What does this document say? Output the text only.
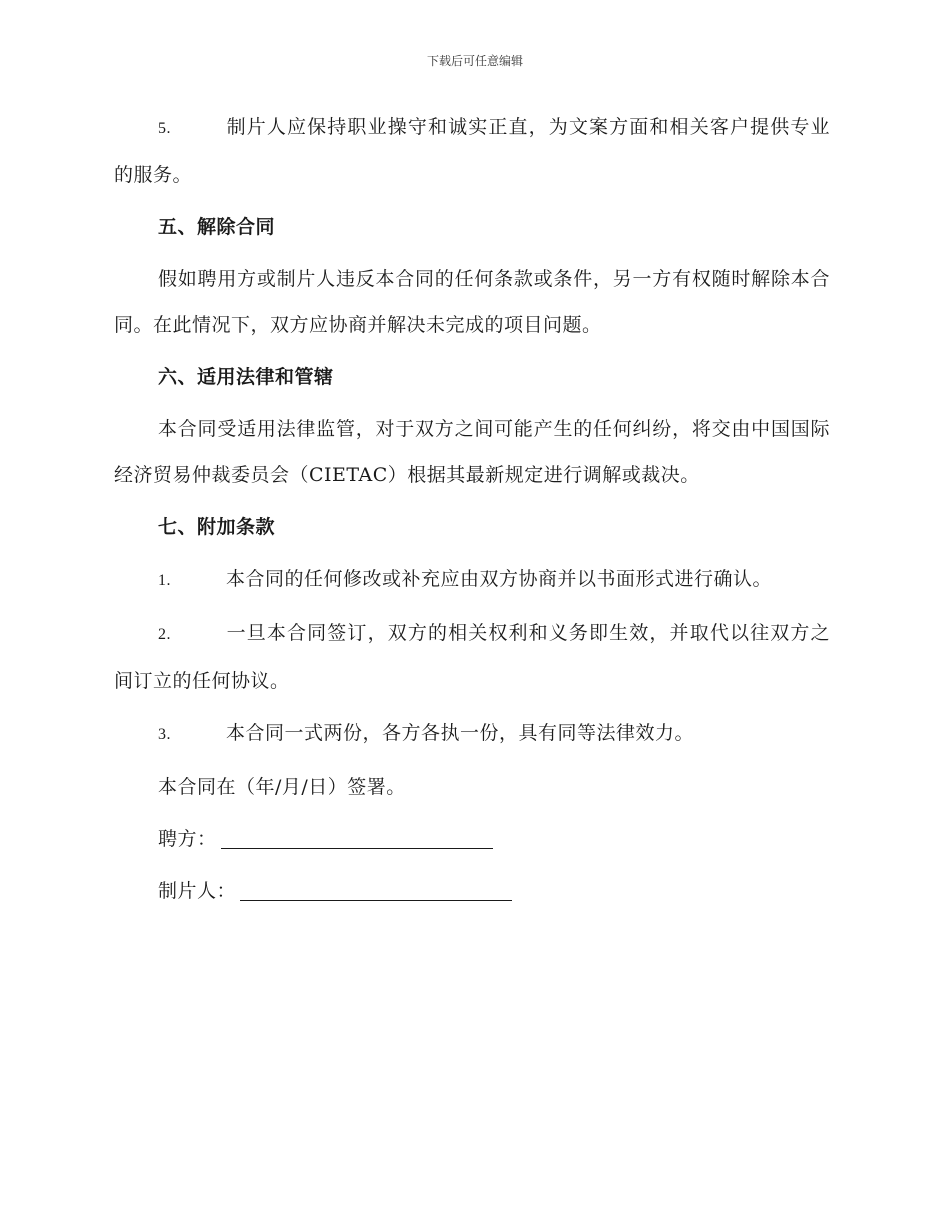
下载后可任意编辑

5.	制片人应保持职业操守和诚实正直，为文案方面和相关客户提供专业的服务。

五、解除合同

假如聘用方或制片人违反本合同的任何条款或条件，另一方有权随时解除本合同。在此情况下，双方应协商并解决未完成的项目问题。

六、适用法律和管辖

本合同受适用法律监管，对于双方之间可能产生的任何纠纷，将交由中国国际经济贸易仲裁委员会（CIETAC）根据其最新规定进行调解或裁决。

七、附加条款

1.	本合同的任何修改或补充应由双方协商并以书面形式进行确认。

2.	一旦本合同签订，双方的相关权利和义务即生效，并取代以往双方之间订立的任何协议。

3.	本合同一式两份，各方各执一份，具有同等法律效力。

本合同在（年/月/日）签署。

聘方：

制片人：
